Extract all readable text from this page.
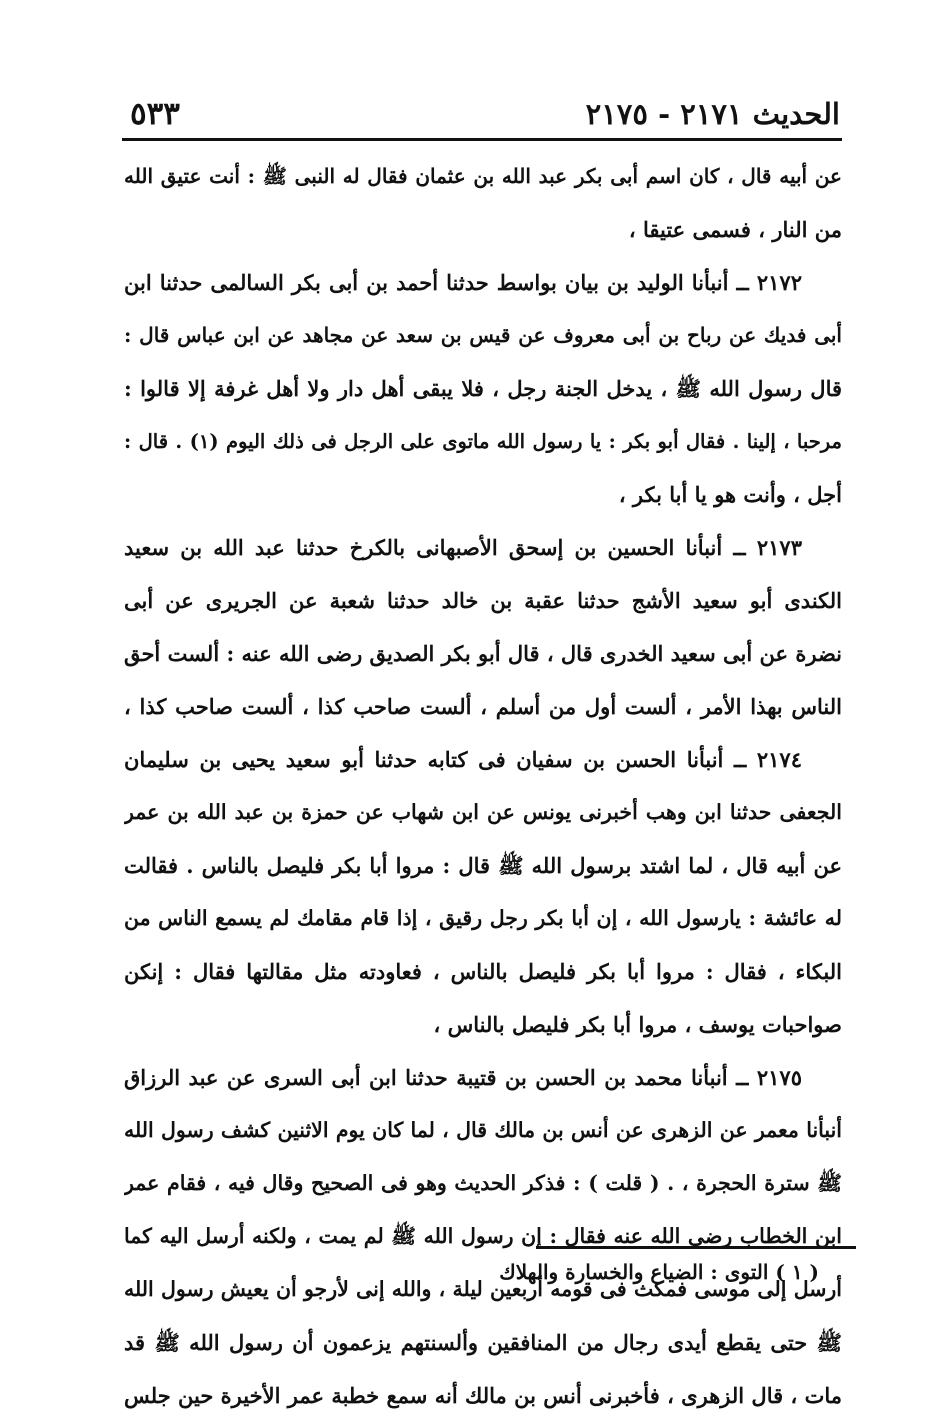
الحديث ٢١٧١ - ٢١٧٥
٥٣٣
عن أبيه قال ، كان اسم أبى بكر عبد الله بن عثمان فقال له النبى ﷺ : أنت عتيق الله
من النار ، فسمى عتيقا ،
٢١٧٢ ــ أنبأنا الوليد بن بيان بواسط حدثنا أحمد بن أبى بكر السالمى حدثنا ابن
أبى فديك عن رباح بن أبى معروف عن قيس بن سعد عن مجاهد عن ابن عباس قال :
قال رسول الله ﷺ ، يدخل الجنة رجل ، فلا يبقى أهل دار ولا أهل غرفة إلا قالوا :
مرحبا ، إلينا . فقال أبو بكر : يا رسول الله ماتوى على الرجل فى ذلك اليوم (١) . قال :
أجل ، وأنت هو يا أبا بكر ،
٢١٧٣ ــ أنبأنا الحسين بن إسحق الأصبهانى بالكرخ حدثنا عبد الله بن سعيد
الكندى أبو سعيد الأشج حدثنا عقبة بن خالد حدثنا شعبة عن الجريرى عن أبى
نضرة عن أبى سعيد الخدرى قال ، قال أبو بكر الصديق رضى الله عنه : ألست أحق
الناس بهذا الأمر ، ألست أول من أسلم ، ألست صاحب كذا ، ألست صاحب كذا ،
٢١٧٤ ــ أنبأنا الحسن بن سفيان فى كتابه حدثنا أبو سعيد يحيى بن سليمان
الجعفى حدثنا ابن وهب أخبرنى يونس عن ابن شهاب عن حمزة بن عبد الله بن عمر
عن أبيه قال ، لما اشتد برسول الله ﷺ قال : مروا أبا بكر فليصل بالناس . فقالت
له عائشة : يارسول الله ، إن أبا بكر رجل رقيق ، إذا قام مقامك لم يسمع الناس من
البكاء ، فقال : مروا أبا بكر فليصل بالناس ، فعاودته مثل مقالتها فقال : إنكن
صواحبات يوسف ، مروا أبا بكر فليصل بالناس ،
٢١٧٥ ــ أنبأنا محمد بن الحسن بن قتيبة حدثنا ابن أبى السرى عن عبد الرزاق
أنبأنا معمر عن الزهرى عن أنس بن مالك قال ، لما كان يوم الاثنين كشف رسول الله
ﷺ سترة الحجرة ، . ( قلت ) : فذكر الحديث وهو فى الصحيح وقال فيه ، فقام عمر
ابن الخطاب رضى الله عنه فقال : إن رسول الله ﷺ لم يمت ، ولكنه أرسل اليه كما
أرسل إلى موسى فمكث فى قومه أربعين ليلة ، والله إنى لأرجو أن يعيش رسول الله
ﷺ حتى يقطع أيدى رجال من المنافقين وألسنتهم يزعمون أن رسول الله ﷺ قد
مات ، قال الزهرى ، فأخبرنى أنس بن مالك أنه سمع خطبة عمر الأخيرة حين جلس
( ١ ) التوى : الضياع والخسارة والهلاك
